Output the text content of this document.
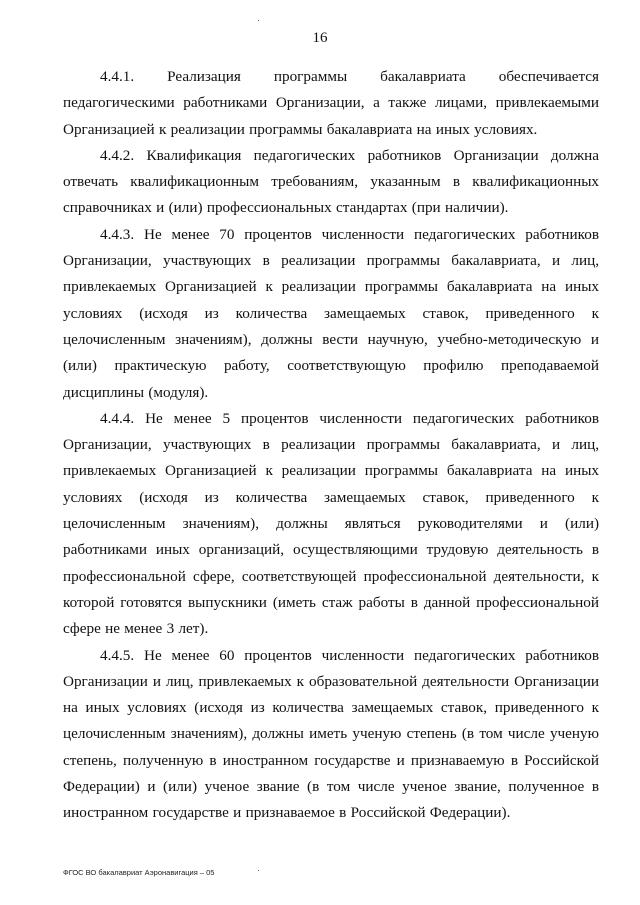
16

4.4.1. Реализация программы бакалавриата обеспечивается педагогическими работниками Организации, а также лицами, привлекаемыми Организацией к реализации программы бакалавриата на иных условиях.

4.4.2. Квалификация педагогических работников Организации должна отвечать квалификационным требованиям, указанным в квалификационных справочниках и (или) профессиональных стандартах (при наличии).

4.4.3. Не менее 70 процентов численности педагогических работников Организации, участвующих в реализации программы бакалавриата, и лиц, привлекаемых Организацией к реализации программы бакалавриата на иных условиях (исходя из количества замещаемых ставок, приведенного к целочисленным значениям), должны вести научную, учебно-методическую и (или) практическую работу, соответствующую профилю преподаваемой дисциплины (модуля).

4.4.4. Не менее 5 процентов численности педагогических работников Организации, участвующих в реализации программы бакалавриата, и лиц, привлекаемых Организацией к реализации программы бакалавриата на иных условиях (исходя из количества замещаемых ставок, приведенного к целочисленным значениям), должны являться руководителями и (или) работниками иных организаций, осуществляющими трудовую деятельность в профессиональной сфере, соответствующей профессиональной деятельности, к которой готовятся выпускники (иметь стаж работы в данной профессиональной сфере не менее 3 лет).

4.4.5. Не менее 60 процентов численности педагогических работников Организации и лиц, привлекаемых к образовательной деятельности Организации на иных условиях (исходя из количества замещаемых ставок, приведенного к целочисленным значениям), должны иметь ученую степень (в том числе ученую степень, полученную в иностранном государстве и признаваемую в Российской Федерации) и (или) ученое звание (в том числе ученое звание, полученное в иностранном государстве и признаваемое в Российской Федерации).

ФГОС ВО бакалавриат Аэронавигация – 05
